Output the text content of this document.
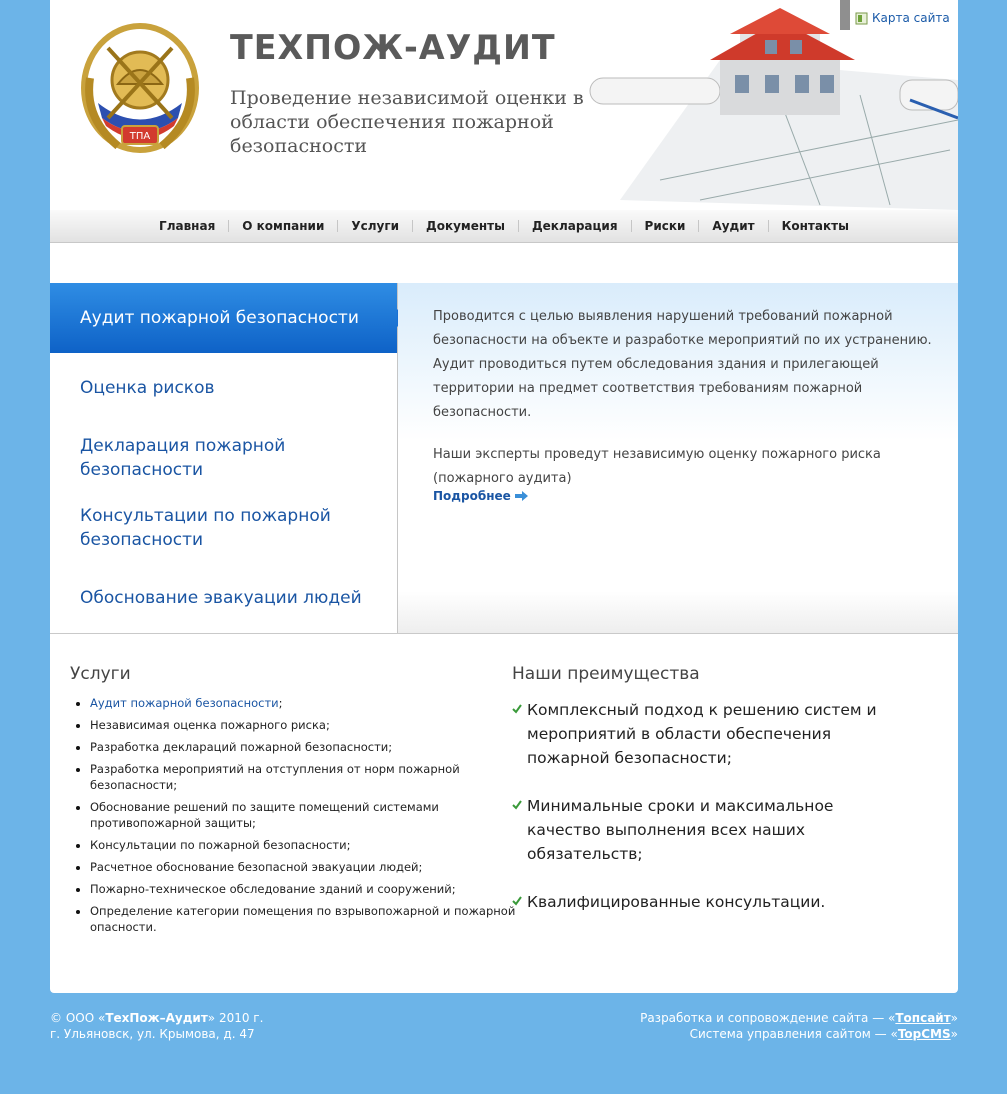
ТПА
ТЕХПОЖ-АУДИТ
Проведение независимой оценки в области обеспечения пожарной безопасности
Карта сайта
Главная	О компании	Услуги	Документы	Декларация	Риски	Аудит	Контакты
Аудит пожарной безопасности
Оценка рисков
Декларация пожарной безопасности
Консультации по пожарной безопасности
Обоснование эвакуации людей

Проводится с целью выявления нарушений требований пожарной безопасности на объекте и разработке мероприятий по их устранению. Аудит проводиться путем обследования здания и прилегающей территории на предмет соответствия требованиям пожарной безопасности.

Наши эксперты проведут независимую оценку пожарного риска (пожарного аудита)

Подробнее
Услуги
• Аудит пожарной безопасности;
• Независимая оценка пожарного риска;
• Разработка деклараций пожарной безопасности;
• Разработка мероприятий на отступления от норм пожарной безопасности;
• Обоснование решений по защите помещений системами противопожарной защиты;
• Консультации по пожарной безопасности;
• Расчетное обоснование безопасной эвакуации людей;
• Пожарно-техническое обследование зданий и сооружений;
• Определение категории помещения по взрывопожарной и пожарной опасности.
Наши преимущества
Комплексный подход к решению систем и мероприятий в области обеспечения пожарной безопасности;
Минимальные сроки и максимальное качество выполнения всех наших обязательств;
Квалифицированные консультации.
© ООО «ТехПож–Аудит» 2010 г.
г. Ульяновск, ул. Крымова, д. 47
Разработка и сопровождение сайта — «Топсайт»
Система управления сайтом — «TopCMS»
